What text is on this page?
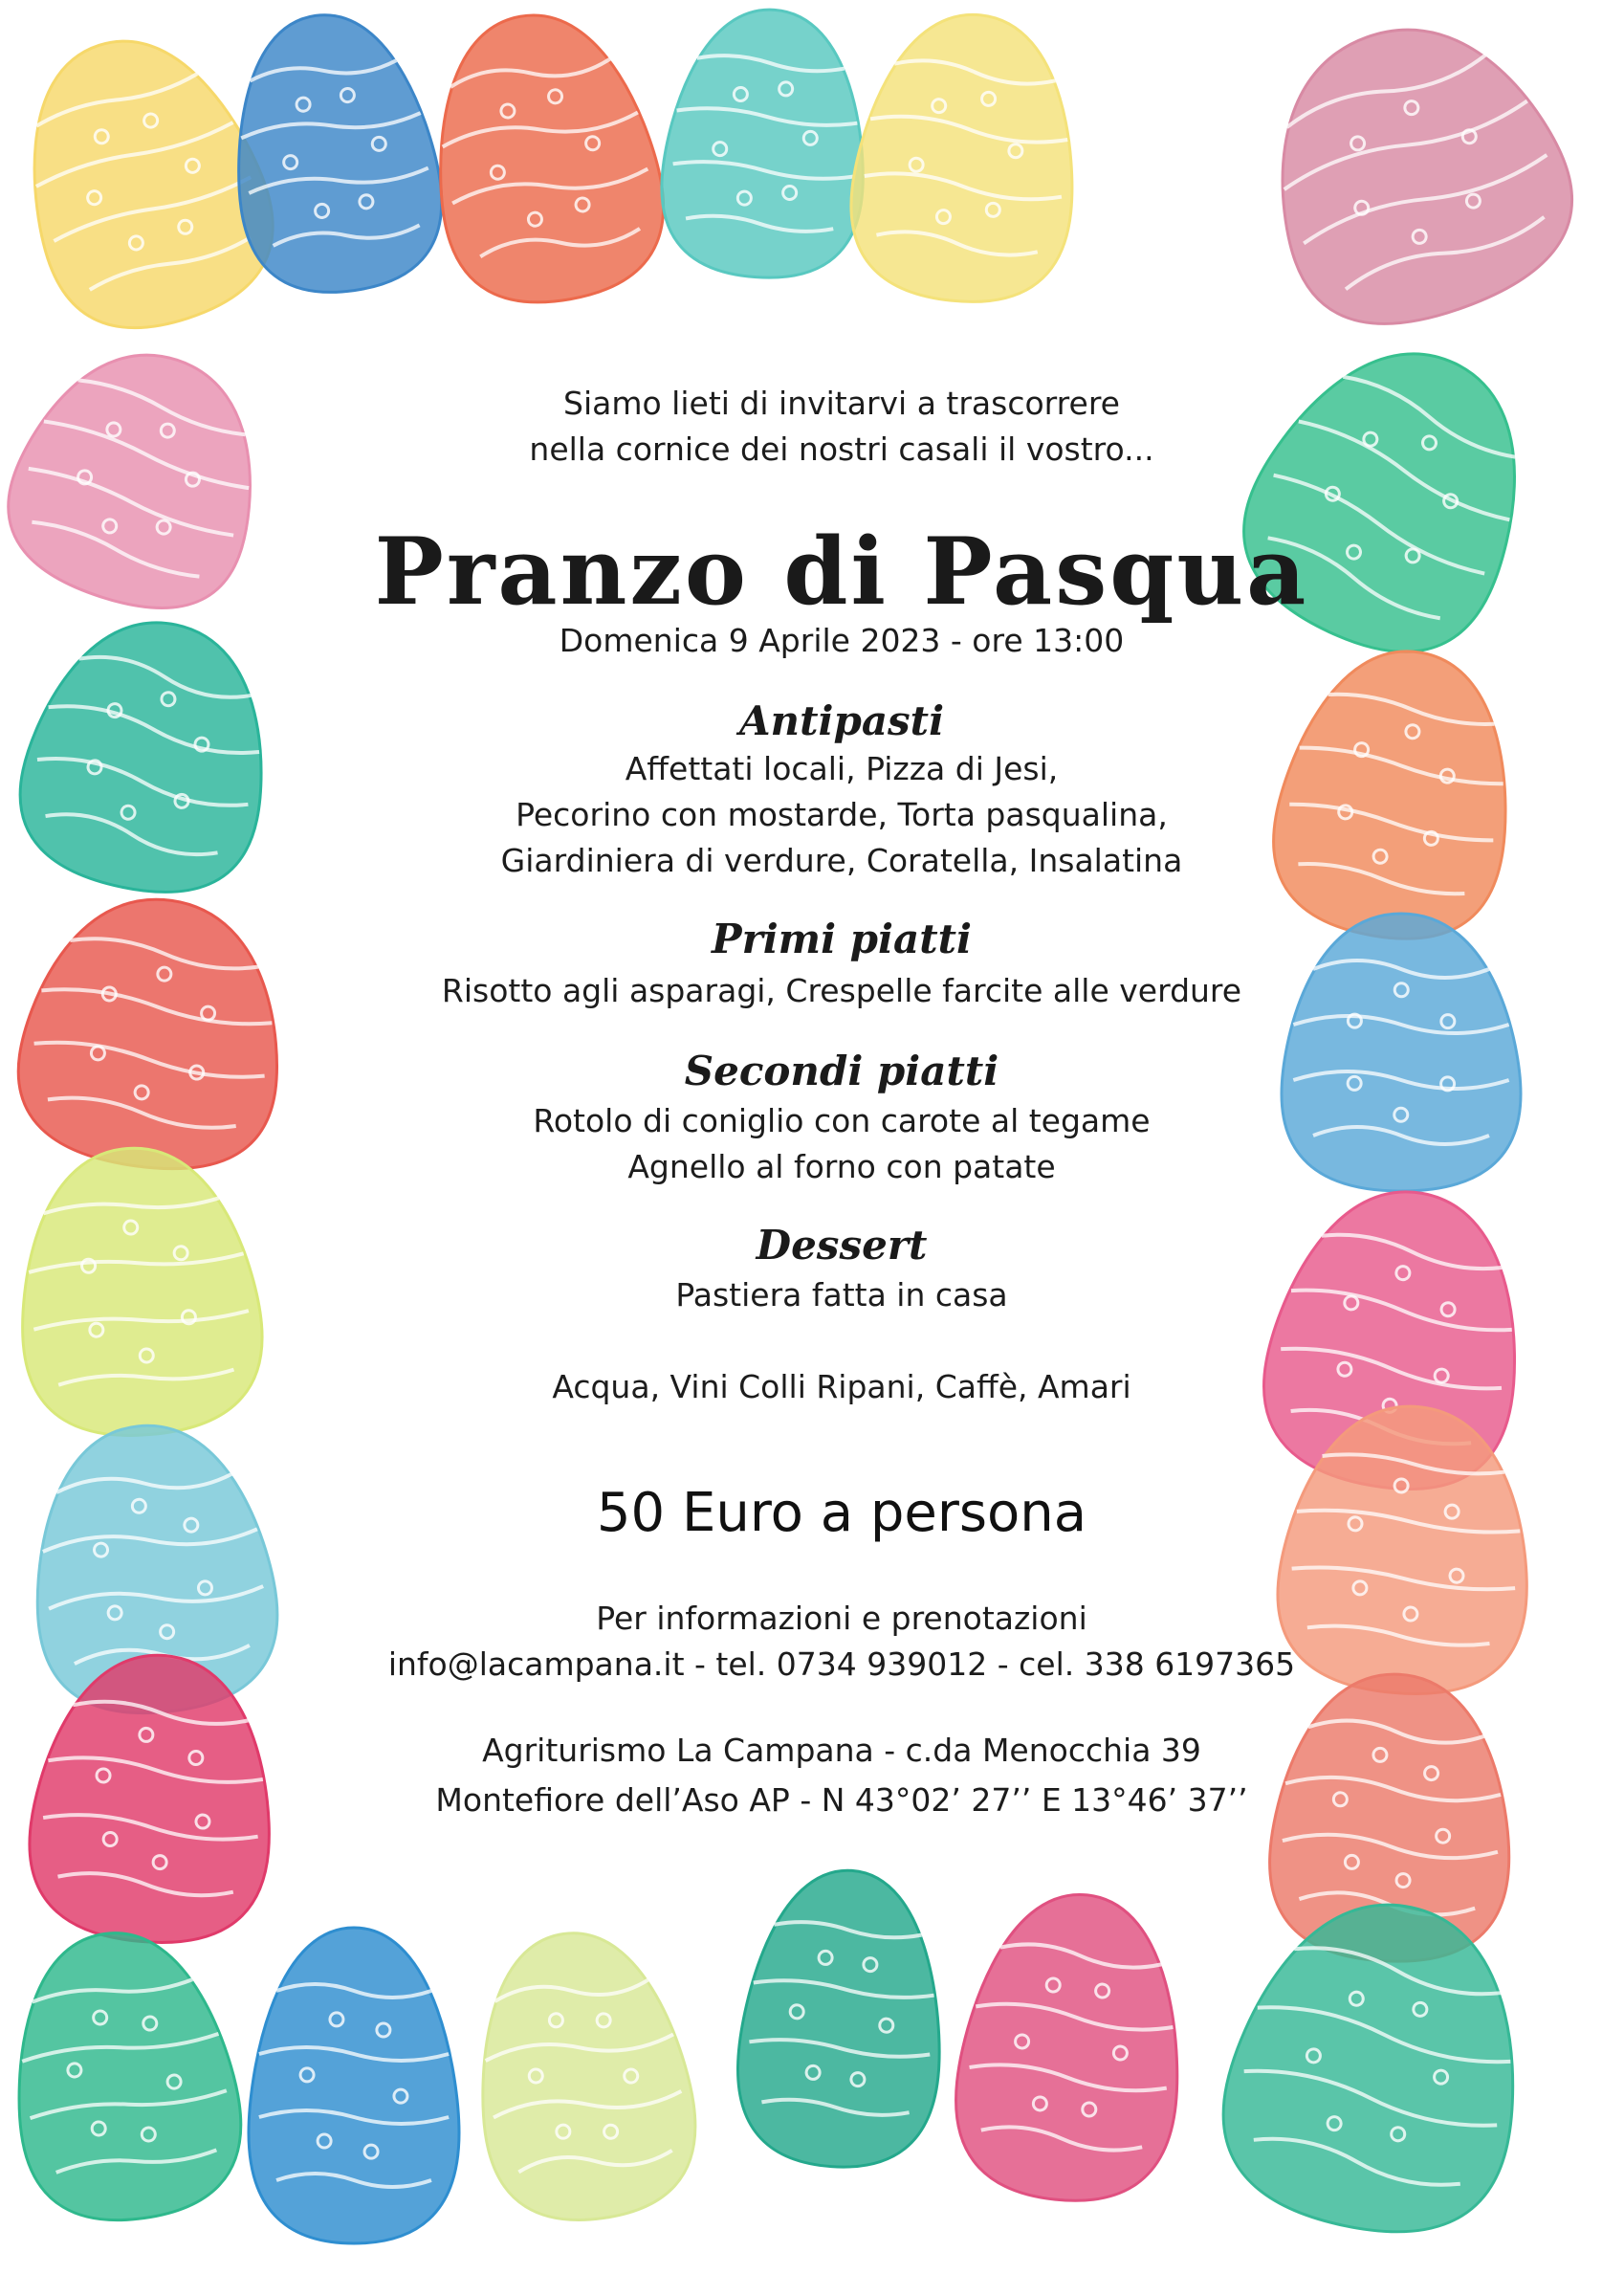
Siamo lieti di invitarvi a trascorrere

nella cornice dei nostri casali il vostro...

Pranzo di Pasqua

Domenica 9 Aprile 2023 - ore 13:00

Antipasti

Affettati locali, Pizza di Jesi,

Pecorino con mostarde, Torta pasqualina,

Giardiniera di verdure, Coratella, Insalatina

Primi piatti

Risotto agli asparagi, Crespelle farcite alle verdure

Secondi piatti

Rotolo di coniglio con carote al tegame

Agnello al forno con patate

Dessert

Pastiera fatta in casa

Acqua, Vini Colli Ripani, Caffè, Amari

50 Euro a persona

Per informazioni e prenotazioni

info@lacampana.it - tel. 0734 939012 - cel. 338 6197365

Agriturismo La Campana - c.da Menocchia 39

Montefiore dell’Aso AP - N 43°02’ 27’’ E 13°46’ 37’’
